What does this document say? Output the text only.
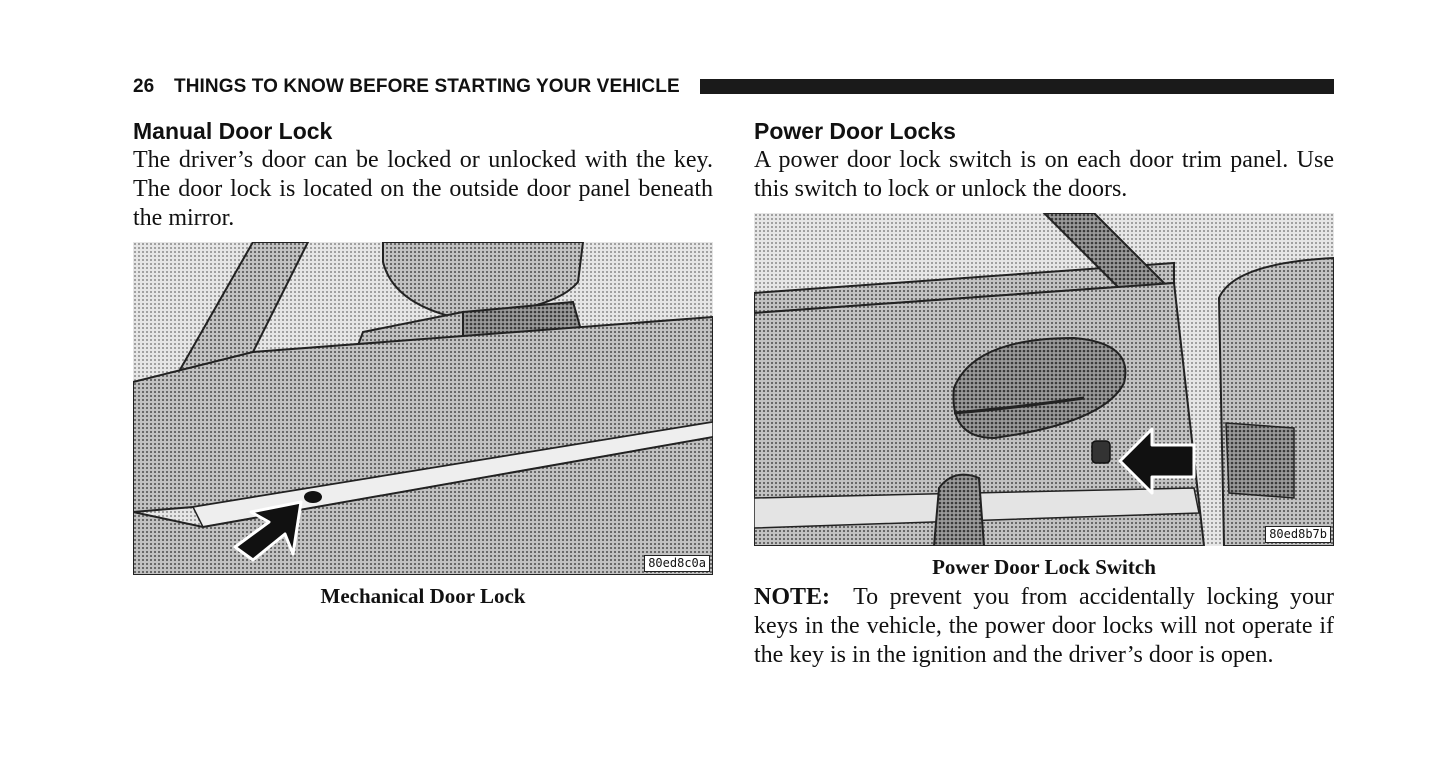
26 THINGS TO KNOW BEFORE STARTING YOUR VEHICLE
Manual Door Lock

The driver’s door can be locked or unlocked with the key. The door lock is located on the outside door panel beneath the mirror.

80ed8c0a
Mechanical Door Lock
Power Door Locks

A power door lock switch is on each door trim panel. Use this switch to lock or unlock the doors.

80ed8b7b
Power Door Lock Switch

NOTE: To prevent you from accidentally locking your keys in the vehicle, the power door locks will not operate if the key is in the ignition and the driver’s door is open.
